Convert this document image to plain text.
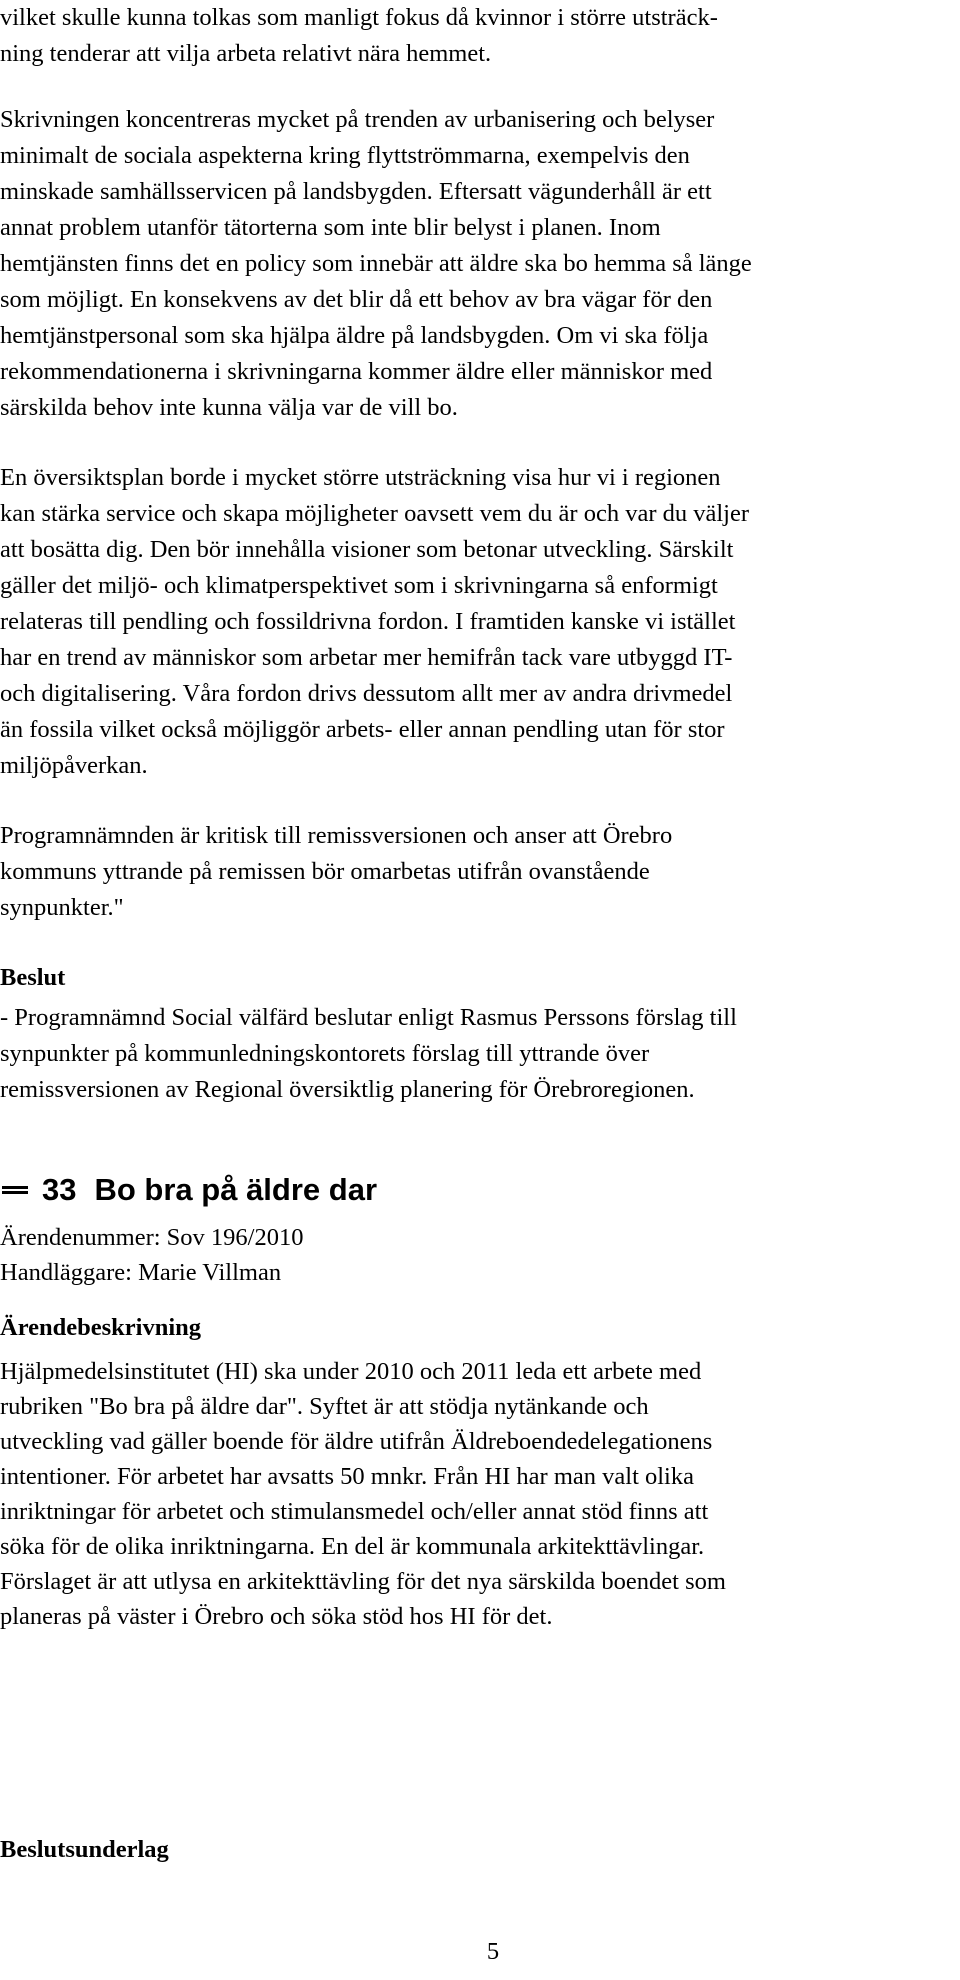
vilket skulle kunna tolkas som manligt fokus då kvinnor i större utsträck-
ning tenderar att vilja arbeta relativt nära hemmet.
Skrivningen koncentreras mycket på trenden av urbanisering och belyser
minimalt de sociala aspekterna kring flyttströmmarna, exempelvis den
minskade samhällsservicen på landsbygden. Eftersatt vägunderhåll är ett
annat problem utanför tätorterna som inte blir belyst i planen. Inom
hemtjänsten finns det en policy som innebär att äldre ska bo hemma så länge
som möjligt. En konsekvens av det blir då ett behov av bra vägar för den
hemtjänstpersonal som ska hjälpa äldre på landsbygden. Om vi ska följa
rekommendationerna i skrivningarna kommer äldre eller människor med
särskilda behov inte kunna välja var de vill bo.
En översiktsplan borde i mycket större utsträckning visa hur vi i regionen
kan stärka service och skapa möjligheter oavsett vem du är och var du väljer
att bosätta dig. Den bör innehålla visioner som betonar utveckling. Särskilt
gäller det miljö- och klimatperspektivet som i skrivningarna så enformigt
relateras till pendling och fossildrivna fordon. I framtiden kanske vi istället
har en trend av människor som arbetar mer hemifrån tack vare utbyggd IT-
och digitalisering. Våra fordon drivs dessutom allt mer av andra drivmedel
än fossila vilket också möjliggör arbets- eller annan pendling utan för stor
miljöpåverkan.
Programnämnden är kritisk till remissversionen och anser att Örebro
kommuns yttrande på remissen bör omarbetas utifrån ovanstående
synpunkter."
Beslut
- Programnämnd Social välfärd beslutar enligt Rasmus Perssons förslag till
synpunkter på kommunledningskontorets förslag till yttrande över
remissversionen av Regional översiktlig planering för Örebroregionen.
33 Bo bra på äldre dar
Ärendenummer: Sov 196/2010
Handläggare: Marie Villman
Ärendebeskrivning
Hjälpmedelsinstitutet (HI) ska under 2010 och 2011 leda ett arbete med
rubriken "Bo bra på äldre dar". Syftet är att stödja nytänkande och
utveckling vad gäller boende för äldre utifrån Äldreboendedelegationens
intentioner. För arbetet har avsatts 50 mnkr. Från HI har man valt olika
inriktningar för arbetet och stimulansmedel och/eller annat stöd finns att
söka för de olika inriktningarna. En del är kommunala arkitekttävlingar.
Förslaget är att utlysa en arkitekttävling för det nya särskilda boendet som
planeras på väster i Örebro och söka stöd hos HI för det.
Beslutsunderlag
5
